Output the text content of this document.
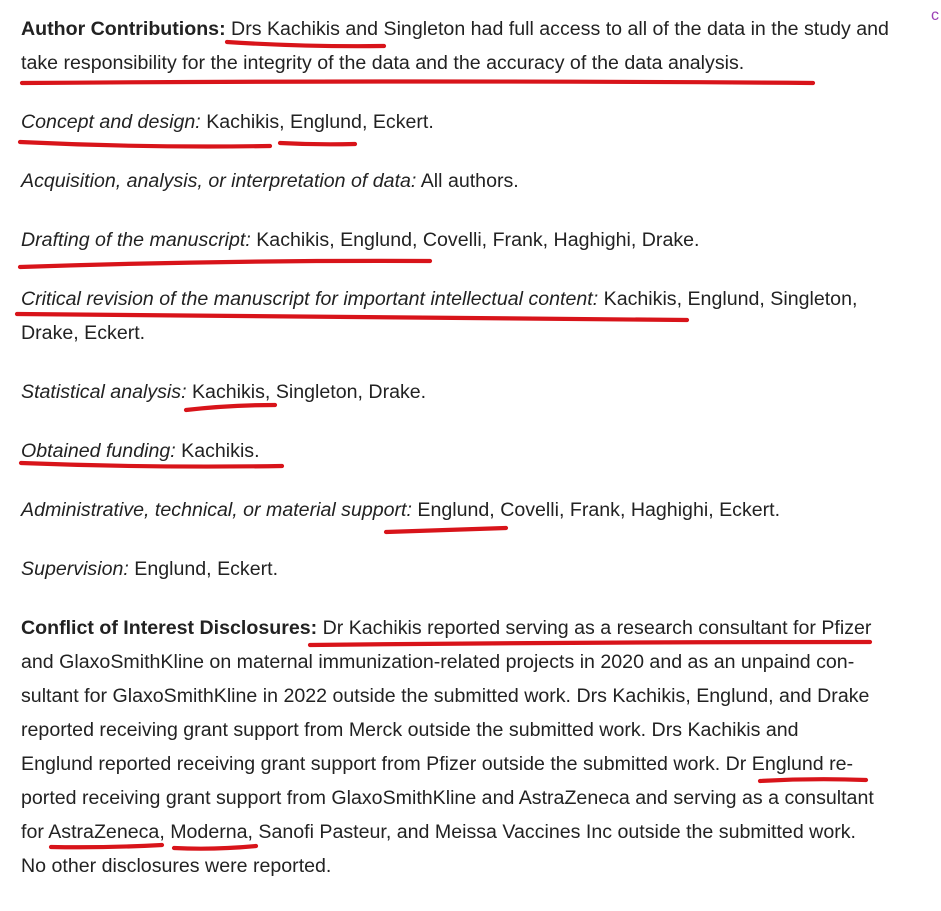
Author Contributions: Drs Kachikis and Singleton had full access to all of the data in the study and take responsibility for the integrity of the data and the accuracy of the data analysis.

Concept and design: Kachikis, Englund, Eckert.

Acquisition, analysis, or interpretation of data: All authors.

Drafting of the manuscript: Kachikis, Englund, Covelli, Frank, Haghighi, Drake.

Critical revision of the manuscript for important intellectual content: Kachikis, Englund, Singleton, Drake, Eckert.

Statistical analysis: Kachikis, Singleton, Drake.

Obtained funding: Kachikis.

Administrative, technical, or material support: Englund, Covelli, Frank, Haghighi, Eckert.

Supervision: Englund, Eckert.

Conflict of Interest Disclosures: Dr Kachikis reported serving as a research consultant for Pfizer
and GlaxoSmithKline on maternal immunization-related projects in 2020 and as an unpaind con-
sultant for GlaxoSmithKline in 2022 outside the submitted work. Drs Kachikis, Englund, and Drake
reported receiving grant support from Merck outside the submitted work. Drs Kachikis and
Englund reported receiving grant support from Pfizer outside the submitted work. Dr Englund re-
ported receiving grant support from GlaxoSmithKline and AstraZeneca and serving as a consultant
for AstraZeneca, Moderna, Sanofi Pasteur, and Meissa Vaccines Inc outside the submitted work.
No other disclosures were reported.

c
